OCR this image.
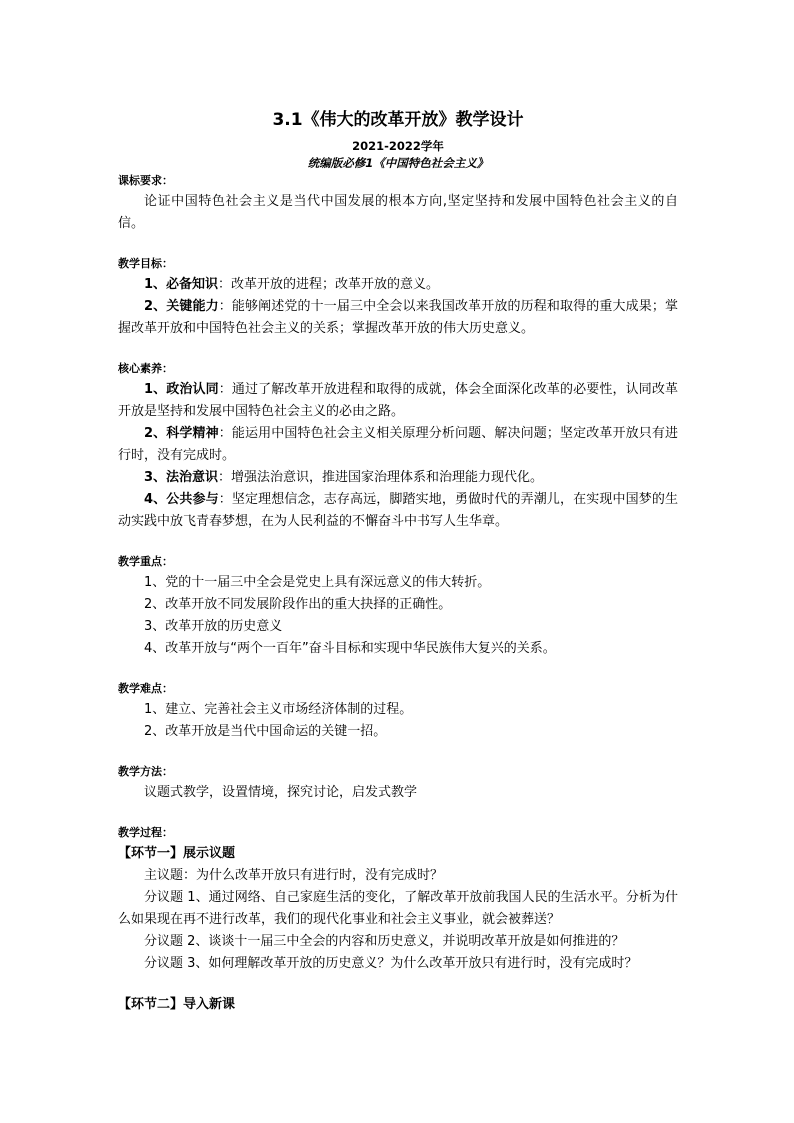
3.1《伟大的改革开放》教学设计
2021-2022学年
统编版必修1《中国特色社会主义》
课标要求：
论证中国特色社会主义是当代中国发展的根本方向,坚定坚持和发展中国特色社会主义的自信。
教学目标：
1、必备知识：改革开放的进程；改革开放的意义。
2、关键能力：能够阐述党的十一届三中全会以来我国改革开放的历程和取得的重大成果；掌握改革开放和中国特色社会主义的关系；掌握改革开放的伟大历史意义。
核心素养：
1、政治认同：通过了解改革开放进程和取得的成就，体会全面深化改革的必要性，认同改革开放是坚持和发展中国特色社会主义的必由之路。
2、科学精神：能运用中国特色社会主义相关原理分析问题、解决问题；坚定改革开放只有进行时，没有完成时。
3、法治意识：增强法治意识，推进国家治理体系和治理能力现代化。
4、公共参与：坚定理想信念，志存高远，脚踏实地，勇做时代的弄潮儿，在实现中国梦的生动实践中放飞青春梦想，在为人民利益的不懈奋斗中书写人生华章。
教学重点：
1、党的十一届三中全会是党史上具有深远意义的伟大转折。
2、改革开放不同发展阶段作出的重大抉择的正确性。
3、改革开放的历史意义
4、改革开放与“两个一百年”奋斗目标和实现中华民族伟大复兴的关系。
教学难点：
1、建立、完善社会主义市场经济体制的过程。
2、改革开放是当代中国命运的关键一招。
教学方法：
议题式教学，设置情境，探究讨论，启发式教学
教学过程：
【环节一】展示议题
主议题：为什么改革开放只有进行时，没有完成时？
分议题 1、通过网络、自己家庭生活的变化，了解改革开放前我国人民的生活水平。分析为什么如果现在再不进行改革，我们的现代化事业和社会主义事业，就会被葬送？
分议题 2、谈谈十一届三中全会的内容和历史意义，并说明改革开放是如何推进的？
分议题 3、如何理解改革开放的历史意义？为什么改革开放只有进行时，没有完成时？
【环节二】导入新课
